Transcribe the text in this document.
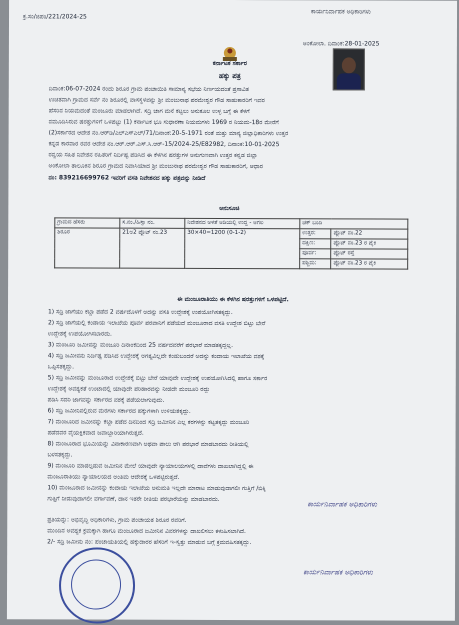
ಕ್ರ.ಸಂ/ಜಿಪಂ/221/2024-25
ಕಾರ್ಯನಿರ್ವಾಹಕ ಅಧಿಕಾರಿಗಳು
ಅಂಕೋಲಾ. ದಿನಾಂಕ:28-01-2025
ಕರ್ನಾಟಕ ಸರ್ಕಾರ
ಹಕ್ಕು ಪತ್ರ
ದಿನಾಂಕ:06-07-2024 ರಂದು ಶಿರೂರ ಗ್ರಾಮ ಪಂಚಾಯಿತಿ ಸಾಮಾನ್ಯ ಸಭೆಯ ನಿರ್ಣಯದಂತೆ ಪ್ರಸಾವಿತ
ಉಚಿತವಾಗಿ ಗ್ರಾಮದ ಸರ್ವೆ ನಂ ಶಿರೂರಲ್ಲಿ ವಾಸಸ್ಥಳವನ್ನು ಶ್ರೀ ಮಂಜುನಾಥ ಪರಮೇಶ್ವರ ಗೌಡ ಸಾಹುಕಾರರಿಗೆ ಇವರ
ಹೆಸರಿನ ನಿಯಮದಂತೆ ಮಂಜೂರು ಮಾಡಲಾಗಿದೆ. ಸದ್ರಿ ಜಾಗ ಮನೆ ಕಟ್ಟಲು ಅನುಕೂಲ ಉಳ್ಳ ಬಗ್ಗೆ ಈ ಕೆಳಗೆ
ನಮೂದಿಸಿರುವ ಷರತ್ತುಗಳಿಗೆ ಒಳಪಟ್ಟು (1) ಕರ್ನಾಟಕ ಭೂ ಸುಧಾರಣಾ ನಿಯಮಗಳು 1969 ರ ನಿಯಮ-18ರ ಮೇರೆಗೆ
(2)ಸರ್ಕಾರದ ಆದೇಶ ನಂ.ಆರ್‌ಡಿ/ಎಲ್ಎಸ್‌ಎಲ್/71/ದಿನಾಂಕ:20-5-1971 ರಂತೆ ಮತ್ತು ಮಾನ್ಯ ಜಿಲ್ಲಾಧಿಕಾರಿಗಳು ಉತ್ತರ
ಕನ್ನಡ ಕಾರವಾರ ರವರ ಆದೇಶ ನಂ.ಆರ್.ಆರ್.ಎಸ್.ಸಿ.ಆರ್-15/2024-25/E82982, ದಿನಾಂಕ:10-01-2025
ರನ್ವಯ ಸಹಿತ ನಿವೇಶನ ರಹಿತರಿಗೆ ನಿರ್ದಿಷ್ಟ ಪಡಿಸಿದ ಈ ಕೆಳಗಿನ ಷರತ್ತುಗಳ ಅನುಗುಣವಾಗಿ ಉತ್ತರ ಕನ್ನಡ ಜಿಲ್ಲಾ
ಅಂಕೋಲಾ ತಾಲೂಕಿನ ಶಿರೂರ ಗ್ರಾಮದ ನಿವಾಸಿಯಾದ ಶ್ರೀ ಮಂಜುನಾಥ ಪರಮೇಶ್ವರ ಗೌಡ ಸಾಹುಕಾರರಿಗೆ, ಆಧಾರ
ನಂ: 839216699762 ಇವರಿಗೆ ವಸತಿ ನಿವೇಶನದ ಹಕ್ಕು ಪತ್ರವನ್ನು ನೀಡಿದೆ
ಅನುಸೂಚಿ
ಗ್ರಾಮದ ಹೆಸರು	ಸ.ನಂ./ಹಿಸ್ಸಾ ನಂ.	ನಿವೇಶನದ ಅಳತೆ ಅಡಿಯಲ್ಲಿ ಉದ್ದ - ಅಗಲ	ಚಕ್ ಬಂದಿ	
ಶಿರೂರ	21ಅ2 ಪ್ಲೊಟ್ ನಂ.23	30×40=1200 (0-1-2)	ಉತ್ತರ:	ಪ್ಲೊಟ್ ನಂ.22
			ದಕ್ಷಿಣ:	ಪ್ಲೊಟ್ ನಂ.23 ರ ಪೈಕಿ
			ಪೂರ್ವ:	ಪ್ಲೊಟ್ ರಸ್ತೆ
			ಪಶ್ಚಿಮ:	ಪ್ಲೊಟ್ ನಂ.23 ರ ಪೈಕಿ
ಈ ಮಂಜೂರಾತಿಯು ಈ ಕೆಳಗಿನ ಷರತ್ತುಗಳಿಗೆ ಒಳಪಟ್ಟಿದೆ.
1) ಸದ್ರಿ ಜಾಗೆಯು ಕಬ್ಜಾ ಪಡೆದ 2 ವರ್ಷದೊಳಗೆ ಅದನ್ನು ವಸತಿ ಉದ್ದೇಶಕ್ಕೆ ಉಪಯೋಗಿಸತಕ್ಕದ್ದು.
2) ಸದ್ರಿ ಜಾಗೆಯಲ್ಲಿ ಕಂಡಾಯ ಇಲಾಖೆಯ ಪೂರ್ವ ಪರವಾನಿಗೆ ಪಡೆಯದೆ ಮಂಜೂರಾದ ವಸತಿ ಉದ್ದೇಶ ಬಿಟ್ಟು ಬೇರೆ
ಉದ್ದೇಶಕ್ಕೆ ಉಪಯೋಗಿಸಬಾರದು.
3) ಮಂಜೂರಿ ಜಮೀನನ್ನು ಮಂಜೂರಿ ದಿನಾಂಕದಿಂದ 25 ವರ್ಷದವರೆಗೆ ಪರಭಾರೆ ಮಾಡತಕ್ಕದ್ದಲ್ಲ.
4) ಸದ್ರಿ ಜಮೀನನು ನಿರ್ದಿಷ್ಟ ಪಡಿಸಿದ ಉದ್ದೇಶಕ್ಕೆ ಅಗತ್ಯವಿಲ್ಲದೇ ಕಂಡುಬಂದರೆ ಅದನ್ನು ಕಂದಾಯ ಇಲಾಖೆಯ ವಶಕ್ಕೆ
ಒಪ್ಪಿಸತಕ್ಕದ್ದು.
5) ಸದ್ರಿ ಜಮೀನನ್ನು ಮಂಜೂರಾದ ಉದ್ದೇಶಕ್ಕೆ ಬಿಟ್ಟು ಬೇರೆ ಯಾವುದೇ ಉದ್ದೇಶಕ್ಕೆ ಉಪಯೋಗಿಸಿದಲ್ಲಿ ಹಾಗೂ ಸರ್ಕಾರ
ಉದ್ದೇಶಕ್ಕೆ ಅವಶ್ಯಕತೆ ಉಂಟಾದಲ್ಲಿ ಯಾವುದೇ ಪರಿಹಾರವನ್ನು ನೀಡದೇ ಮಂಜೂರಿ ರದ್ದು
ಪಡಿಸಿ ಸದರಿ ಜಾಗವನ್ನು ಸರ್ಕಾರದ ವಶಕ್ಕೆ ಪಡೆಯಲಾಗುವುದು.
6) ಸದ್ರಿ ಜಮೀನಿನಲ್ಲಿರುವ ಮರಗಳು ಸರ್ಕಾರದ ಹಕ್ಕುಗಳಾಗಿ ಉಳಿಯತಕ್ಕದ್ದು.
7) ಮಂಜೂರಿದ ಜಮೀನನ್ನು ಕಬ್ಜಾ ಪಡೆದ ದಿನದಿಂದ ಸದ್ರಿ ಜಮೀನಿನ ಎಲ್ಲ ಕರಗಳನ್ನು ಕಟ್ಟತಕ್ಕದ್ದು ಮಂಜೂರಿ
ಪಡೆದವರ ವೈಯಕ್ತಿಕವಾದ ಜವಾಬ್ದಾರಿಯಾಗಿರುತ್ತದೆ.
8) ಮಂಜೂರಾದ ಭೂಮಿಯನ್ನು ವಿನಾಕಾರಣವಾಗಿ ಅಥವಾ ಪಾಲು ಆಗಿ ಪರಭಾರೆ ಮಾಡಬಾರದು ರೀತಿಯಲ್ಲಿ
ಬಳಸತಕ್ಕದ್ದು.
9) ಮಂಜೂರಿ ಮಾಡಲ್ಪಡುವ ಜಮೀನಿನ ಮೇಲೆ ಯಾವುದೇ ನ್ಯಾಯಾಲಯಗಳಲ್ಲಿ ದಾವೆಗಳು ದಾಖಲಾಗಿದ್ದಲ್ಲಿ ಈ
ಮಂಜೂರಾತಿಯು ನ್ಯಾಯಾಲಯದ ಅಂತಿಮ ಆದೇಶಕ್ಕೆ ಒಳಪಟ್ಟಿರುತ್ತದೆ.
10) ಮಂಜೂರಾದ ಜಮೀನನ್ನು ಕಂದಾಯ ಇಲಾಖೆಯ ಅನುಮತಿ ಇಲ್ಲದೇ ಮಾರಾಟ ಮಾಡುವುದಾಗಲೀ ಗುತ್ತಿಗೆ /ಬಿಕ್ಕಿ
ಗುತ್ತಿಗೆ ನೀಡುವುದಾಗಲೀ ವರ್ಗಾವಣೆ, ದಾನ ಇತರೇ ರೀತಿಯ ಪರಭಾರೆಯನ್ನು ಮಾಡಬಾರದು.
ಕಾರ್ಯನಿರ್ವಾಹಕ ಅಧಿಕಾರಿಗಳು
ಪ್ರತಿಯನ್ನು: ಅಭಿವೃದ್ಧಿ ಅಧಿಕಾರಿಗಳು, ಗ್ರಾಮ ಪಂಚಾಯತ ಶಿರೂರ ರವರಿಗೆ.
ಮುಂದಿನ ಅವಶ್ಯಕ ಕ್ರಮಕ್ಕಾಗಿ ಹಾಗೂ ಮಂಜೂರಾದ ಜಮೀನಿನ ವಿವರಗಳನ್ನು ದಾಖಲಿಸಲು ಕಳುಹಿಸಲಾಗಿದೆ.
2/- ಸದ್ರಿ ಜಮೀನು ನಂ: ಪಂಚಾಯತಿಯಲ್ಲಿ ಹಕ್ಕುದಾರರ ಹೆಸರಿಗೆ ಇ-ಸ್ವತ್ತು ಮಾಡುವ ಬಗ್ಗೆ ಕ್ರಮವಹಿಸತಕ್ಕದ್ದು.
ಕಾರ್ಯನಿರ್ವಾಹಕ ಅಧಿಕಾರಿಗಳು
